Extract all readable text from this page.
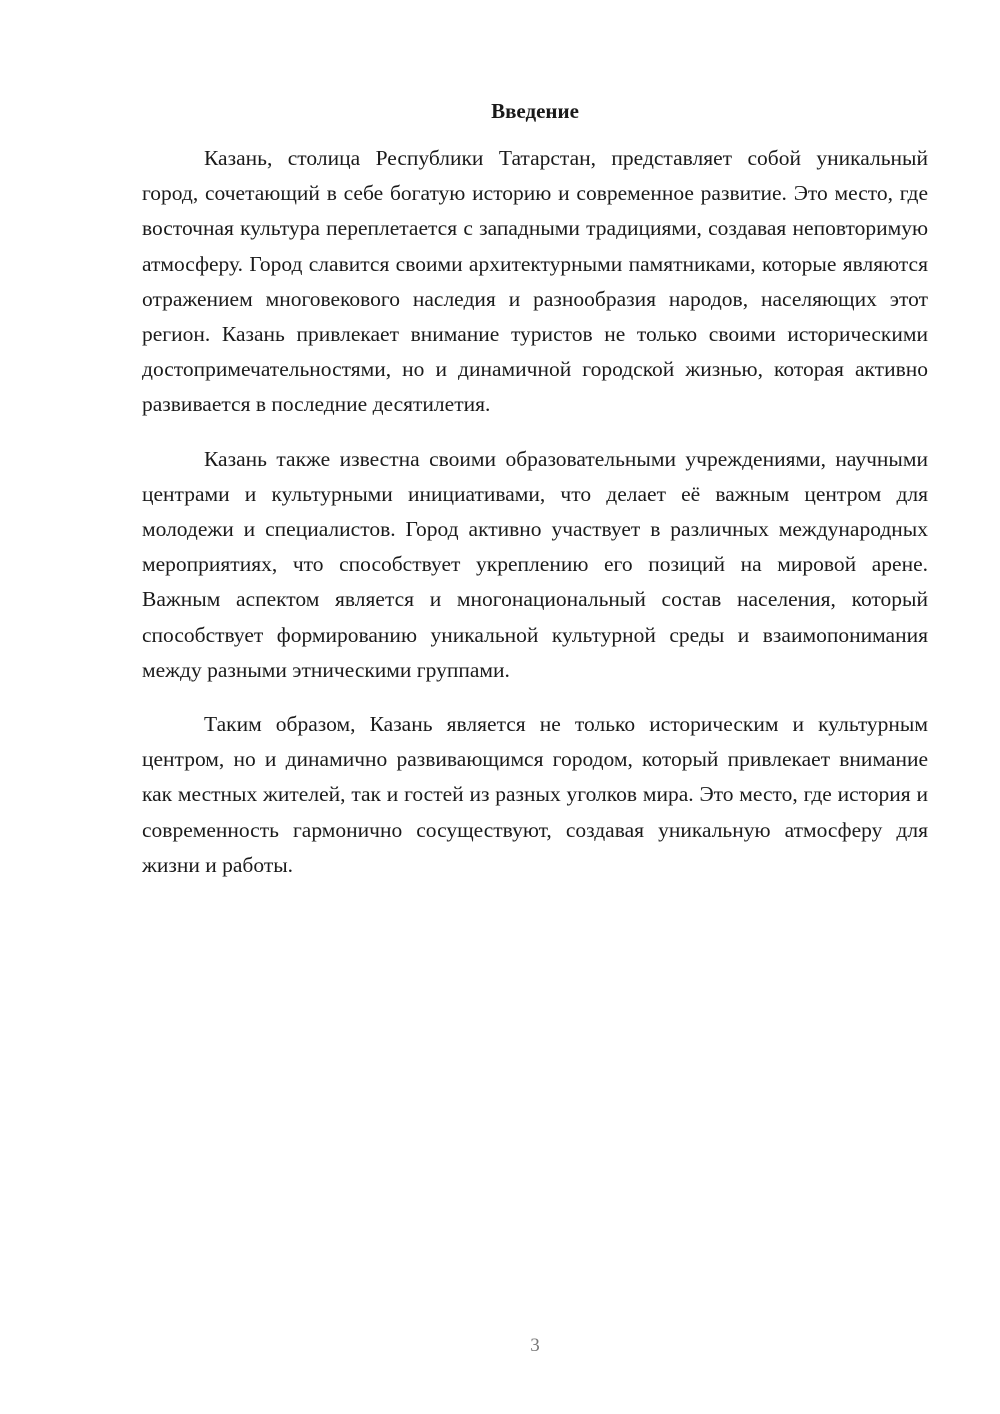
Введение

Казань, столица Республики Татарстан, представляет собой уникальный город, сочетающий в себе богатую историю и современное развитие. Это место, где восточная культура переплетается с западными традициями, создавая неповторимую атмосферу. Город славится своими архитектурными памятниками, которые являются отражением многовекового наследия и разнообразия народов, населяющих этот регион. Казань привлекает внимание туристов не только своими историческими достопримечательностями, но и динамичной городской жизнью, которая активно развивается в последние десятилетия.

Казань также известна своими образовательными учреждениями, научными центрами и культурными инициативами, что делает её важным центром для молодежи и специалистов. Город активно участвует в различных международных мероприятиях, что способствует укреплению его позиций на мировой арене. Важным аспектом является и многонациональный состав населения, который способствует формированию уникальной культурной среды и взаимопонимания между разными этническими группами.

Таким образом, Казань является не только историческим и культурным центром, но и динамично развивающимся городом, который привлекает внимание как местных жителей, так и гостей из разных уголков мира. Это место, где история и современность гармонично сосуществуют, создавая уникальную атмосферу для жизни и работы.

3
